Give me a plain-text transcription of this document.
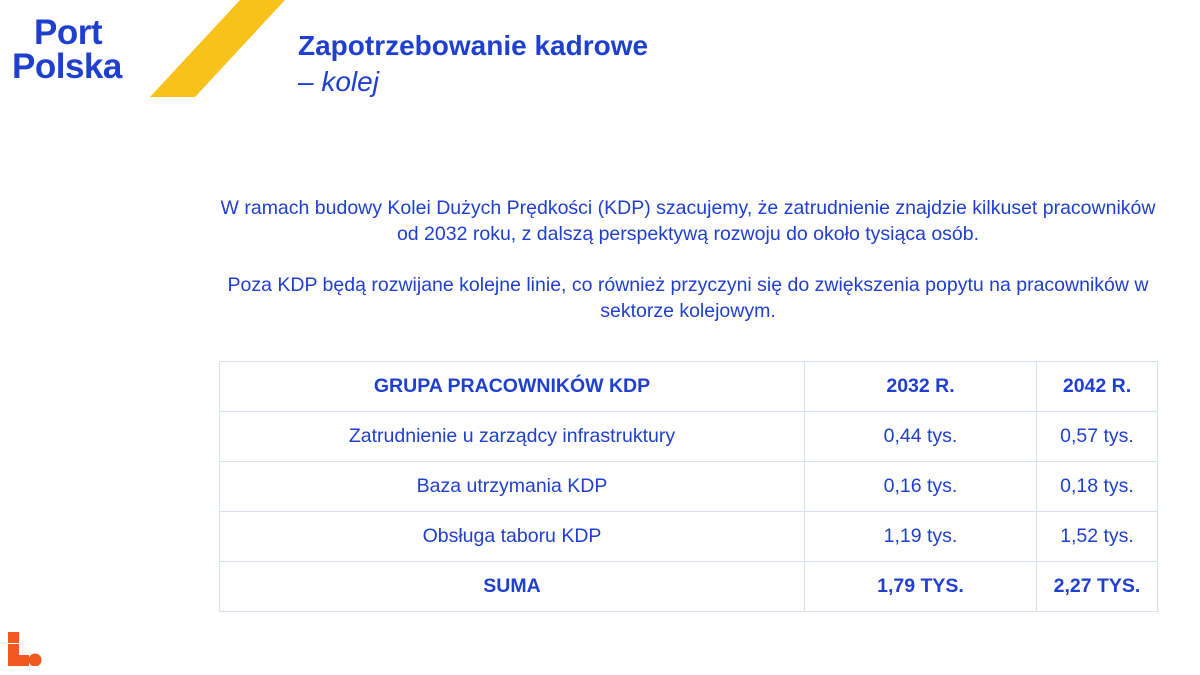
Port
Polska
Zapotrzebowanie kadrowe
– kolej
W ramach budowy Kolei Dużych Prędkości (KDP) szacujemy, że zatrudnienie znajdzie kilkuset pracowników od 2032 roku, z dalszą perspektywą rozwoju do około tysiąca osób.
Poza KDP będą rozwijane kolejne linie, co również przyczyni się do zwiększenia popytu na pracowników w sektorze kolejowym.
GRUPA PRACOWNIKÓW KDP	2032 R.	2042 R.
Zatrudnienie u zarządcy infrastruktury	0,44 tys.	0,57 tys.
Baza utrzymania KDP	0,16 tys.	0,18 tys.
Obsługa taboru KDP	1,19 tys.	1,52 tys.
SUMA	1,79 TYS.	2,27 TYS.
